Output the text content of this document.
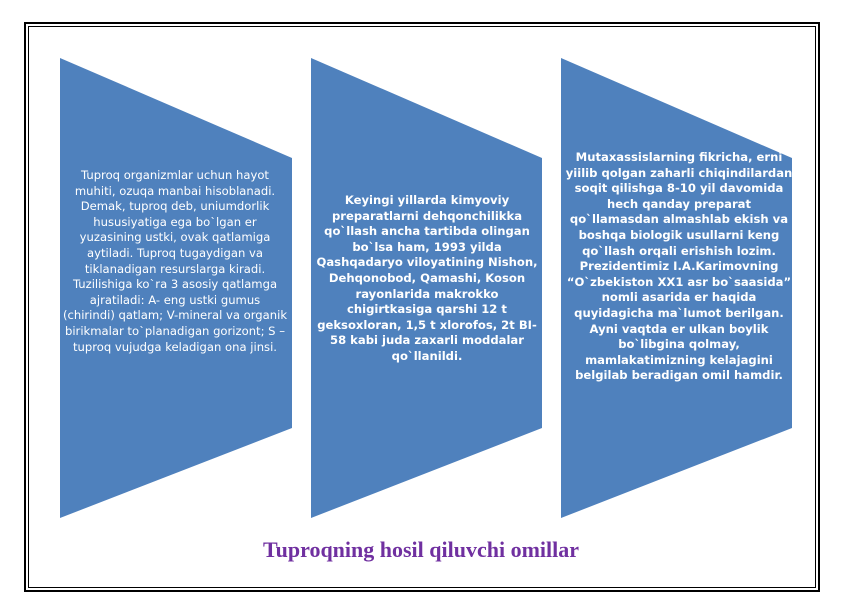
Tuproq organizmlar uchun hayot muhiti, ozuqa manbai hisoblanadi. Demak, tuproq deb, uniumdorlik hususiyatiga ega bo`lgan er yuzasining ustki, ovak qatlamiga aytiladi. Tuproq tugaydigan va tiklanadigan resurslarga kiradi. Tuzilishiga ko`ra 3 asosiy qatlamga ajratiladi: A- eng ustki gumus (chirindi) qatlam; V-mineral va organik birikmalar to`planadigan gorizont; S –tuproq vujudga keladigan ona jinsi.
Keyingi yillarda kimyoviy preparatlarni dehqonchilikka qo`llash ancha tartibda olingan bo`lsa ham, 1993 yilda Qashqadaryo viloyatining Nishon, Dehqonobod, Qamashi, Koson rayonlarida makrokko chigirtkasiga qarshi 12 t geksoxloran, 1,5 t xlorofos, 2t BI-58 kabi juda zaxarli moddalar qo`llanildi.
Mutaxassislarning fikricha, erni yiilib qolgan zaharli chiqindilardan soqit qilishga 8-10 yil davomida hech qanday preparat qo`llamasdan almashlab ekish va boshqa biologik usullarni keng qo`llash orqali erishish lozim. Prezidentimiz I.A.Karimovning “O`zbekiston XX1 asr bo`saasida” nomli asarida er haqida quyidagicha ma`lumot berilgan. Ayni vaqtda er ulkan boylik bo`libgina qolmay, mamlakatimizning kelajagini belgilab beradigan omil hamdir.
Tuproqning hosil qiluvchi omillar
